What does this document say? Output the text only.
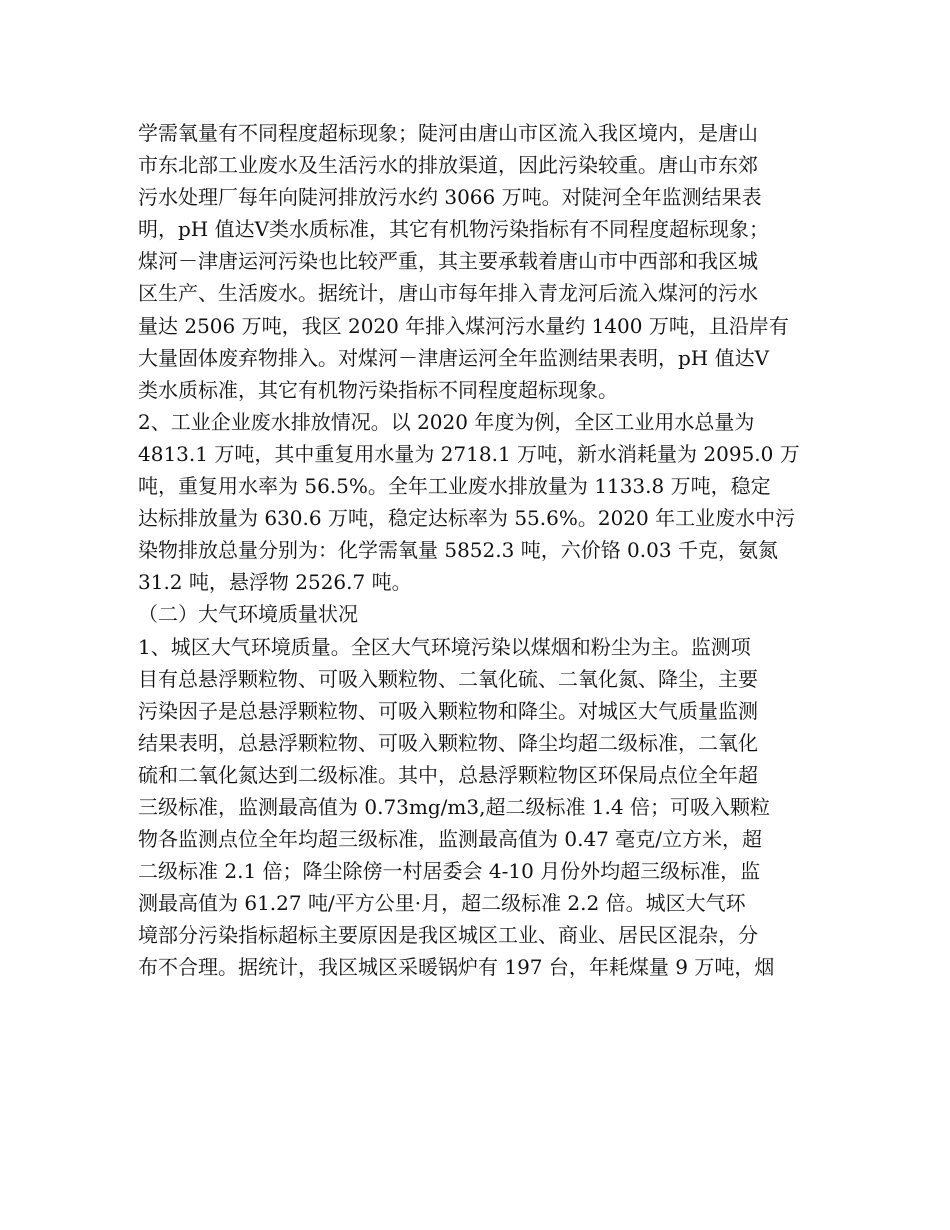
学需氧量有不同程度超标现象；陡河由唐山市区流入我区境内，是唐山
市东北部工业废水及生活污水的排放渠道，因此污染较重。唐山市东郊
污水处理厂每年向陡河排放污水约 3066 万吨。对陡河全年监测结果表
明，pH 值达Ⅴ类水质标准，其它有机物污染指标有不同程度超标现象；
煤河－津唐运河污染也比较严重，其主要承载着唐山市中西部和我区城
区生产、生活废水。据统计，唐山市每年排入青龙河后流入煤河的污水
量达 2506 万吨，我区 2020 年排入煤河污水量约 1400 万吨，且沿岸有
大量固体废弃物排入。对煤河－津唐运河全年监测结果表明，pH 值达Ⅴ
类水质标准，其它有机物污染指标不同程度超标现象。
2、工业企业废水排放情况。以 2020 年度为例，全区工业用水总量为
4813.1 万吨，其中重复用水量为 2718.1 万吨，新水消耗量为 2095.0 万
吨，重复用水率为 56.5%。全年工业废水排放量为 1133.8 万吨，稳定
达标排放量为 630.6 万吨，稳定达标率为 55.6%。2020 年工业废水中污
染物排放总量分别为：化学需氧量 5852.3 吨，六价铬 0.03 千克，氨氮
31.2 吨，悬浮物 2526.7 吨。
（二）大气环境质量状况
1、城区大气环境质量。全区大气环境污染以煤烟和粉尘为主。监测项
目有总悬浮颗粒物、可吸入颗粒物、二氧化硫、二氧化氮、降尘，主要
污染因子是总悬浮颗粒物、可吸入颗粒物和降尘。对城区大气质量监测
结果表明，总悬浮颗粒物、可吸入颗粒物、降尘均超二级标准，二氧化
硫和二氧化氮达到二级标准。其中，总悬浮颗粒物区环保局点位全年超
三级标准，监测最高值为 0.73mg/m3,超二级标准 1.4 倍；可吸入颗粒
物各监测点位全年均超三级标准，监测最高值为 0.47 毫克/立方米，超
二级标准 2.1 倍；降尘除傍一村居委会 4-10 月份外均超三级标准，监
测最高值为 61.27 吨/平方公里·月，超二级标准 2.2 倍。城区大气环
境部分污染指标超标主要原因是我区城区工业、商业、居民区混杂，分
布不合理。据统计，我区城区采暖锅炉有 197 台，年耗煤量 9 万吨，烟
